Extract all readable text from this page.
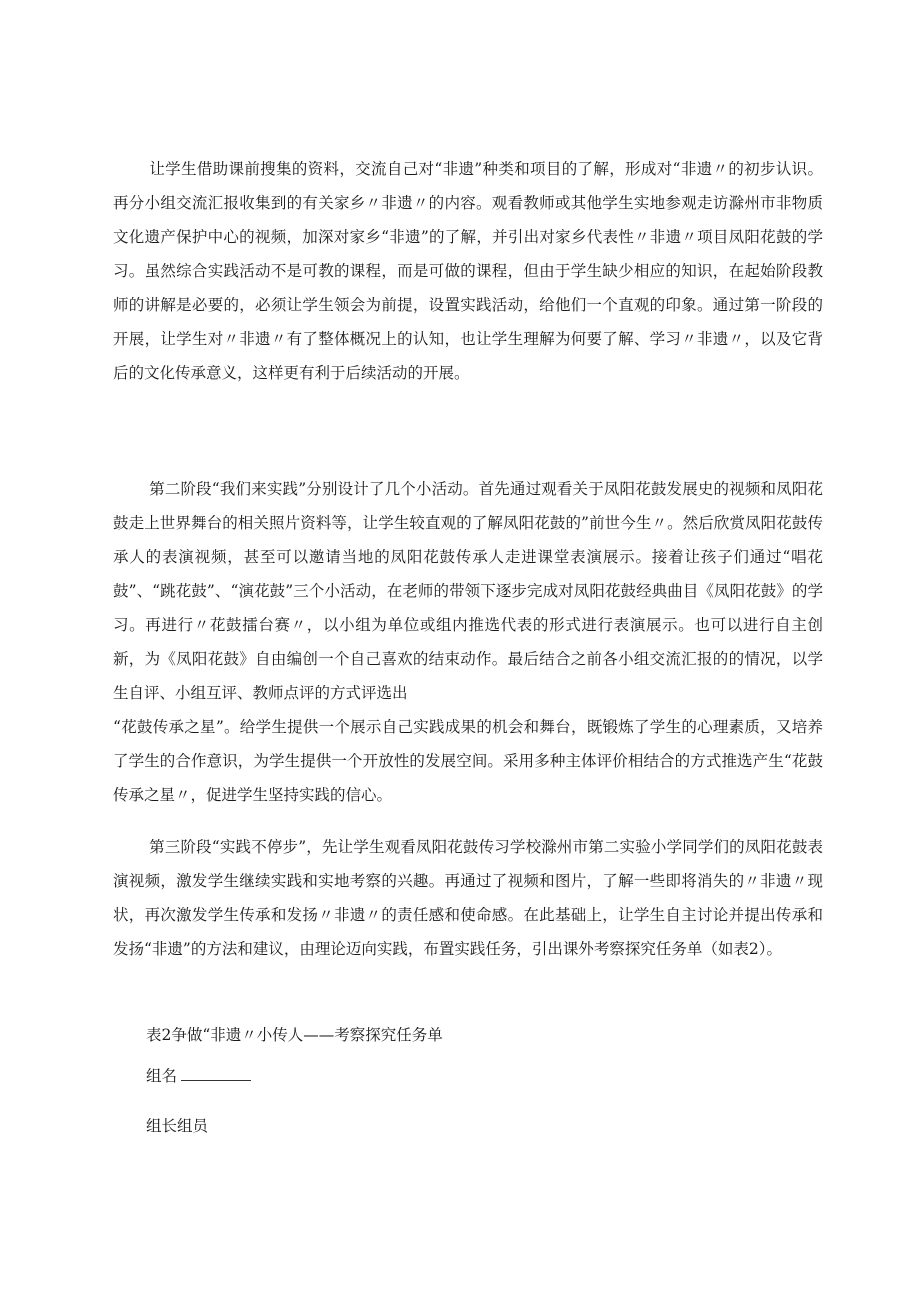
让学生借助课前搜集的资料，交流自己对“非遗”种类和项目的了解，形成对“非遗〃的初步认识。再分小组交流汇报收集到的有关家乡〃非遗〃的内容。观看教师或其他学生实地参观走访滁州市非物质文化遗产保护中心的视频，加深对家乡“非遗”的了解，并引出对家乡代表性〃非遗〃项目凤阳花鼓的学习。虽然综合实践活动不是可教的课程，而是可做的课程，但由于学生缺少相应的知识，在起始阶段教师的讲解是必要的，必须让学生领会为前提，设置实践活动，给他们一个直观的印象。通过第一阶段的开展，让学生对〃非遗〃有了整体概况上的认知，也让学生理解为何要了解、学习〃非遗〃，以及它背后的文化传承意义，这样更有利于后续活动的开展。

第二阶段“我们来实践”分别设计了几个小活动。首先通过观看关于凤阳花鼓发展史的视频和凤阳花鼓走上世界舞台的相关照片资料等，让学生较直观的了解凤阳花鼓的”前世今生〃。然后欣赏凤阳花鼓传承人的表演视频，甚至可以邀请当地的凤阳花鼓传承人走进课堂表演展示。接着让孩子们通过“唱花鼓”、“跳花鼓”、“演花鼓”三个小活动，在老师的带领下逐步完成对凤阳花鼓经典曲目《凤阳花鼓》的学习。再进行〃花鼓擂台赛〃，以小组为单位或组内推选代表的形式进行表演展示。也可以进行自主创新，为《凤阳花鼓》自由编创一个自己喜欢的结束动作。最后结合之前各小组交流汇报的的情况，以学生自评、小组互评、教师点评的方式评选出

“花鼓传承之星”。给学生提供一个展示自己实践成果的机会和舞台，既锻炼了学生的心理素质，又培养了学生的合作意识，为学生提供一个开放性的发展空间。采用多种主体评价相结合的方式推选产生“花鼓传承之星〃，促进学生坚持实践的信心。

第三阶段“实践不停步”，先让学生观看凤阳花鼓传习学校滁州市第二实验小学同学们的凤阳花鼓表演视频，激发学生继续实践和实地考察的兴趣。再通过了视频和图片，了解一些即将消失的〃非遗〃现状，再次激发学生传承和发扬〃非遗〃的责任感和使命感。在此基础上，让学生自主讨论并提出传承和发扬“非遗”的方法和建议，由理论迈向实践，布置实践任务，引出课外考察探究任务单（如表2）。

表2争做“非遗〃小传人——考察探究任务单

组名

组长组员
